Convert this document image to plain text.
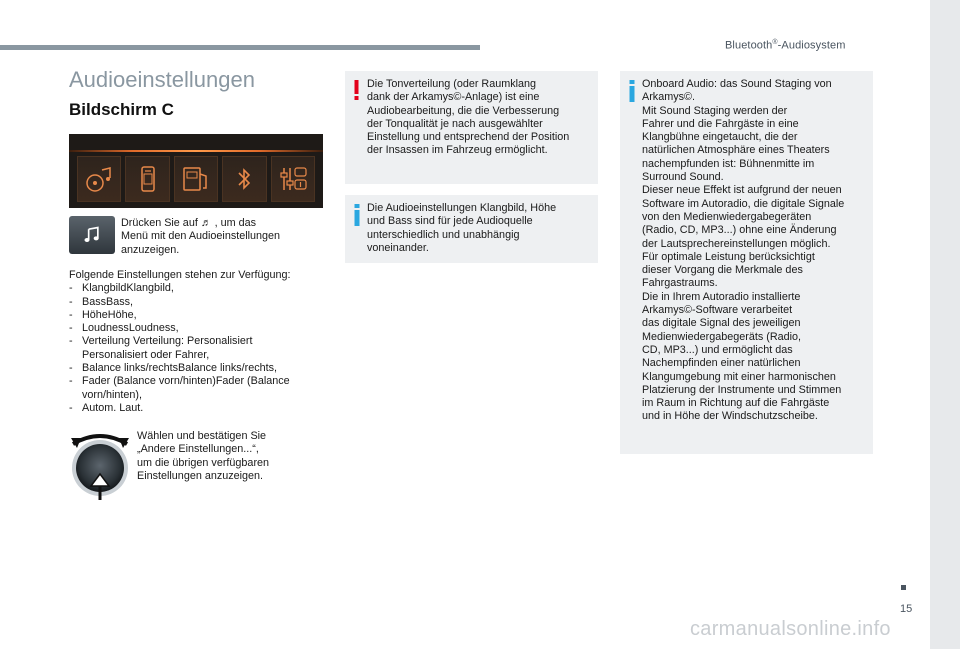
Bluetooth®-Audiosystem
Audioeinstellungen
Bildschirm C
Drücken Sie auf ♬ , um das
Menü mit den Audioeinstellungen
anzuzeigen.
Folgende Einstellungen stehen zur Verfügung:
- KlangbildKlangbild,
- BassBass,
- HöheHöhe,
- LoudnessLoudness,
- Verteilung Verteilung: Personalisiert
Personalisiert oder Fahrer,
- Balance links/rechtsBalance links/rechts,
- Fader (Balance vorn/hinten)Fader (Balance
vorn/hinten),
- Autom. Laut.
Wählen und bestätigen Sie
„Andere Einstellungen...“,
um die übrigen verfügbaren
Einstellungen anzuzeigen.
Die Tonverteilung (oder Raumklang
dank der Arkamys©-Anlage) ist eine
Audiobearbeitung, die die Verbesserung
der Tonqualität je nach ausgewählter
Einstellung und entsprechend der Position
der Insassen im Fahrzeug ermöglicht.
Die Audioeinstellungen Klangbild, Höhe
und Bass sind für jede Audioquelle
unterschiedlich und unabhängig
voneinander.
Onboard Audio: das Sound Staging von
Arkamys©.
Mit Sound Staging werden der
Fahrer und die Fahrgäste in eine
Klangbühne eingetaucht, die der
natürlichen Atmosphäre eines Theaters
nachempfunden ist: Bühnenmitte im
Surround Sound.
Dieser neue Effekt ist aufgrund der neuen
Software im Autoradio, die digitale Signale
von den Medienwiedergabegeräten
(Radio, CD, MP3...) ohne eine Änderung
der Lautsprechereinstellungen möglich.
Für optimale Leistung berücksichtigt
dieser Vorgang die Merkmale des
Fahrgastraums.
Die in Ihrem Autoradio installierte
Arkamys©-Software verarbeitet
das digitale Signal des jeweiligen
Medienwiedergabegeräts (Radio,
CD, MP3...) und ermöglicht das
Nachempfinden einer natürlichen
Klangumgebung mit einer harmonischen
Platzierung der Instrumente und Stimmen
im Raum in Richtung auf die Fahrgäste
und in Höhe der Windschutzscheibe.
15
carmanualsonline.info
